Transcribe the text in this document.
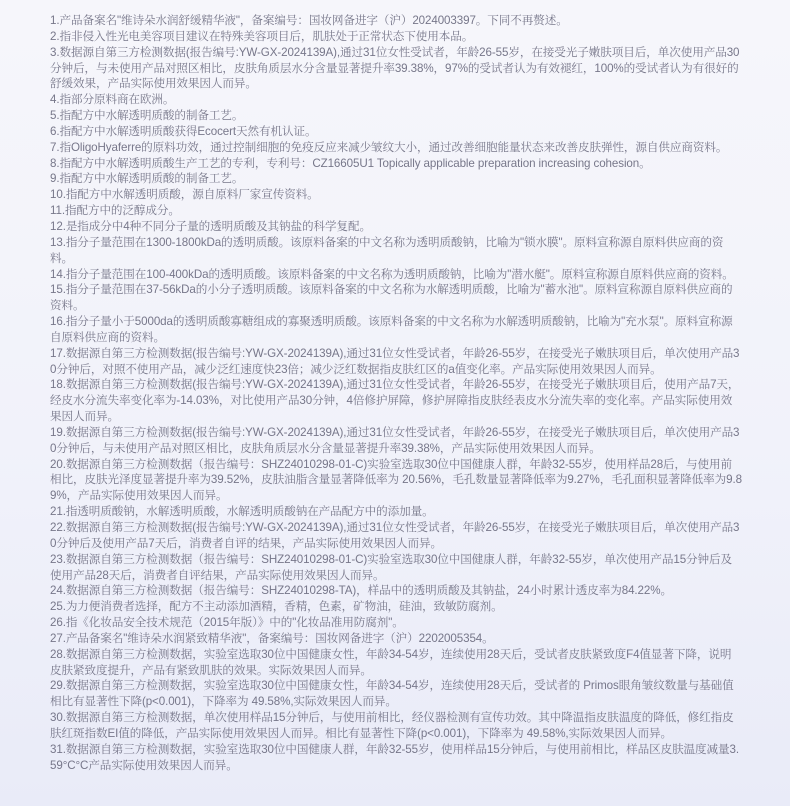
1.产品备案名"维诗朵水润舒缓精华液"，备案编号：国妆网备进字（沪）2024003397。下同不再赘述。

2.指非侵入性光电美容项目建议在特殊美容项目后，肌肤处于正常状态下使用本品。

3.数据源自第三方检测数据(报告编号:YW-GX-2024139A),通过31位女性受试者，年龄26-55岁，在接受光子嫩肤项目后，单次使用产品30分钟后，与未使用产品对照区相比，皮肤角质层水分含量显著提升率39.38%，97%的受试者认为有效褪红，100%的受试者认为有很好的舒缓效果，产品实际使用效果因人而异。

4.指部分原料商在欧洲。

5.指配方中水解透明质酸的制备工艺。

6.指配方中水解透明质酸获得Ecocert天然有机认证。

7.指OligoHyaferre的原料功效，通过控制细胞的免疫反应来减少皱纹大小，通过改善细胞能量状态来改善皮肤弹性，源自供应商资料。

8.指配方中水解透明质酸生产工艺的专利，专利号：CZ16605U1 Topically applicable preparation increasing cohesion。

9.指配方中水解透明质酸的制备工艺。

10.指配方中水解透明质酸，源自原料厂家宣传资料。

11.指配方中的泛醇成分。

12.是指成分中4种不同分子量的透明质酸及其钠盐的科学复配。

13.指分子量范围在1300-1800kDa的透明质酸。该原料备案的中文名称为透明质酸钠，比喻为"锁水膜"。原料宣称源自原料供应商的资料。

14.指分子量范围在100-400kDa的透明质酸。该原料备案的中文名称为透明质酸钠，比喻为"潜水艇"。原料宣称源自原料供应商的资料。

15.指分子量范围在37-56kDa的小分子透明质酸。该原料备案的中文名称为水解透明质酸，比喻为"蓄水池"。原料宣称源自原料供应商的资料。

16.指分子量小于5000da的透明质酸寡糖组成的寡聚透明质酸。该原料备案的中文名称为水解透明质酸钠，比喻为"充水泵"。原料宣称源自原料供应商的资料。

17.数据源自第三方检测数据(报告编号:YW-GX-2024139A),通过31位女性受试者，年龄26-55岁，在接受光子嫩肤项目后，单次使用产品30分钟后，对照不使用产品，减少泛红速度快23倍；减少泛红数据指皮肤红区的a值变化率。产品实际使用效果因人而异。

18.数据源自第三方检测数据(报告编号:YW-GX-2024139A),通过31位女性受试者，年龄26-55岁，在接受光子嫩肤项目后，使用产品7天，经皮水分流失率变化率为-14.03%，对比使用产品30分钟，4倍修护屏障，修护屏障指皮肤经表皮水分流失率的变化率。产品实际使用效果因人而异。

19.数据源自第三方检测数据(报告编号:YW-GX-2024139A),通过31位女性受试者，年龄26-55岁，在接受光子嫩肤项目后，单次使用产品30分钟后，与未使用产品对照区相比，皮肤角质层水分含量显著提升率39.38%，产品实际使用效果因人而异。

20.数据源自第三方检测数据（报告编号：SHZ24010298-01-C)实验室选取30位中国健康人群，年龄32-55岁，使用样品28后，与使用前相比，皮肤光泽度显著提升率为39.52%，皮肤油脂含量显著降低率为 20.56%，毛孔数量显著降低率为9.27%，毛孔面积显著降低率为9.89%，产品实际使用效果因人而异。

21.指透明质酸钠，水解透明质酸，水解透明质酸钠在产品配方中的添加量。

22.数据源自第三方检测数据(报告编号:YW-GX-2024139A),通过31位女性受试者，年龄26-55岁，在接受光子嫩肤项目后，单次使用产品30分钟后及使用产品7天后，消费者自评的结果，产品实际使用效果因人而异。

23.数据源自第三方检测数据（报告编号：SHZ24010298-01-C)实验室选取30位中国健康人群，年龄32-55岁，单次使用产品15分钟后及使用产品28天后，消费者自评结果，产品实际使用效果因人而异。

24.数据源自第三方检测数据（报告编号：SHZ24010298-TA)，样品中的透明质酸及其钠盐，24小时累计透皮率为84.22%。

25.为力便消费者选择，配方不主动添加酒精，香精，色素，矿物油，硅油，致敏防腐剂。

26.指《化妆品安全技术规范（2015年版）》中的"化妆品准用防腐剂"。

27.产品备案名"维诗朵水润紧致精华液"，备案编号：国妆网备进字（沪）2202005354。

28.数据源自第三方检测数据，实验室选取30位中国健康女性，年龄34-54岁，连续使用28天后，受试者皮肤紧致度F4值显著下降，说明皮肤紧致度提升，产品有紧致肌肤的效果。实际效果因人而异。

29.数据源自第三方检测数据，实验室选取30位中国健康女性，年龄34-54岁，连续使用28天后，受试者的 Primos眼角皱纹数量与基础值相比有显著性下降(p<0.001)，下降率为 49.58%,实际效果因人而异。

30.数据源自第三方检测数据，单次使用样品15分钟后，与使用前相比，经仪器检测有宣传功效。其中降温指皮肤温度的降低，修红指皮肤红斑指数EI值的降低，产品实际使用效果因人而异。相比有显著性下降(p<0.001)，下降率为 49.58%,实际效果因人而异。

31.数据源自第三方检测数据，实验室选取30位中国健康人群，年龄32-55岁，使用样品15分钟后，与使用前相比，样品区皮肤温度减量3.59°C°C产品实际使用效果因人而异。
